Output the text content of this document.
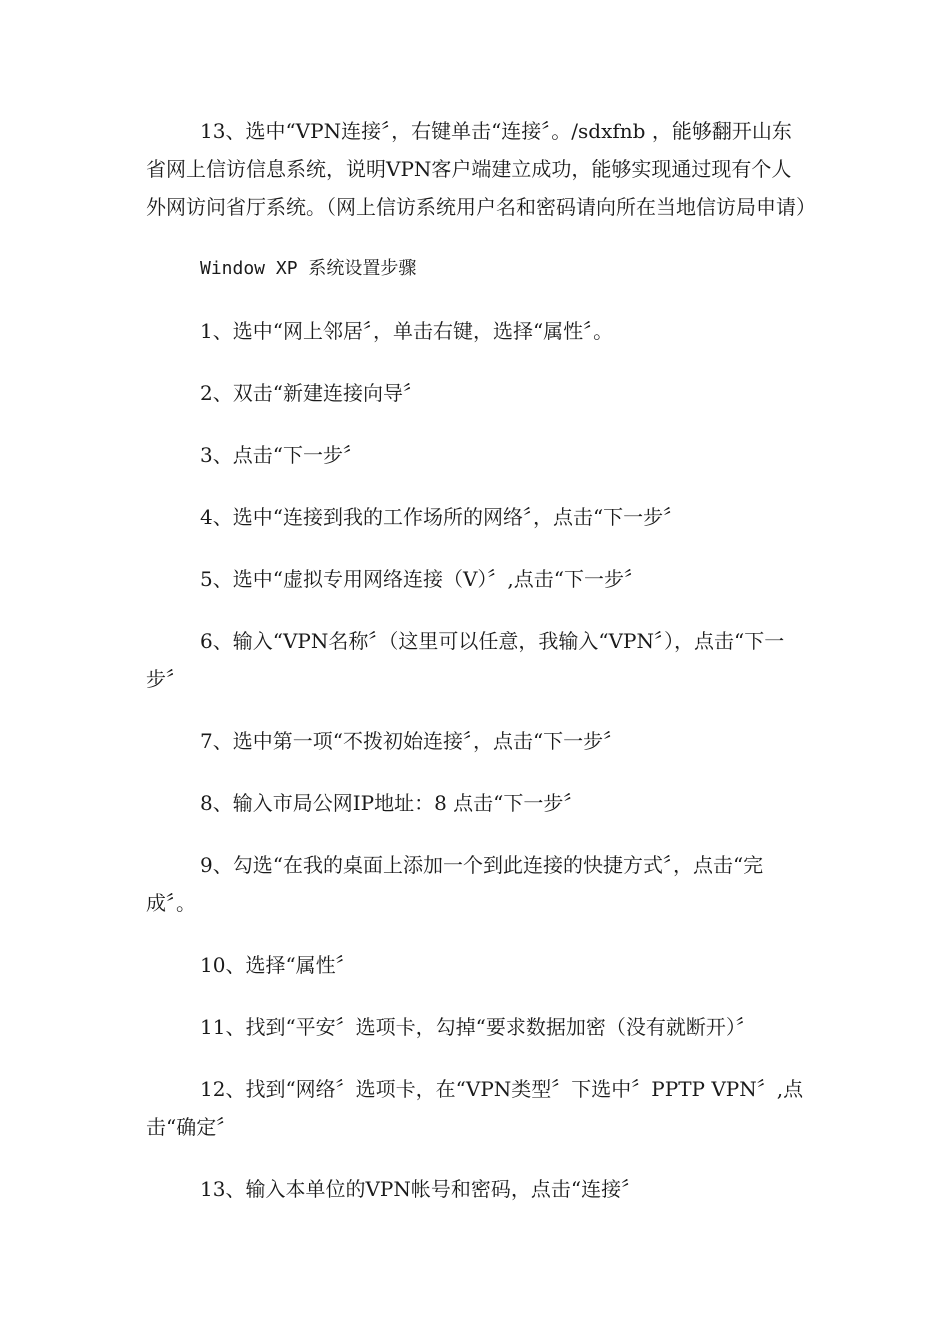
13、选中“VPN连接〞，右键单击“连接〞。/sdxfnb ，能够翻开山东省网上信访信息系统，说明VPN客户端建立成功，能够实现通过现有个人外网访问省厅系统。（网上信访系统用户名和密码请向所在当地信访局申请）

Window XP 系统设置步骤

1、选中“网上邻居〞，单击右键，选择“属性〞。

2、双击“新建连接向导〞

3、点击“下一步〞

4、选中“连接到我的工作场所的网络〞，点击“下一步〞

5、选中“虚拟专用网络连接（V）〞,点击“下一步〞

6、输入“VPN名称〞（这里可以任意，我输入“VPN〞），点击“下一步〞

7、选中第一项“不拨初始连接〞，点击“下一步〞

8、输入市局公网IP地址：8 点击“下一步〞

9、勾选“在我的桌面上添加一个到此连接的快捷方式〞，点击“完成〞。

10、选择“属性〞

11、找到“平安〞选项卡，勾掉“要求数据加密（没有就断开）〞

12、找到“网络〞选项卡，在“VPN类型〞下选中〞PPTP VPN〞,点击“确定〞

13、输入本单位的VPN帐号和密码，点击“连接〞
